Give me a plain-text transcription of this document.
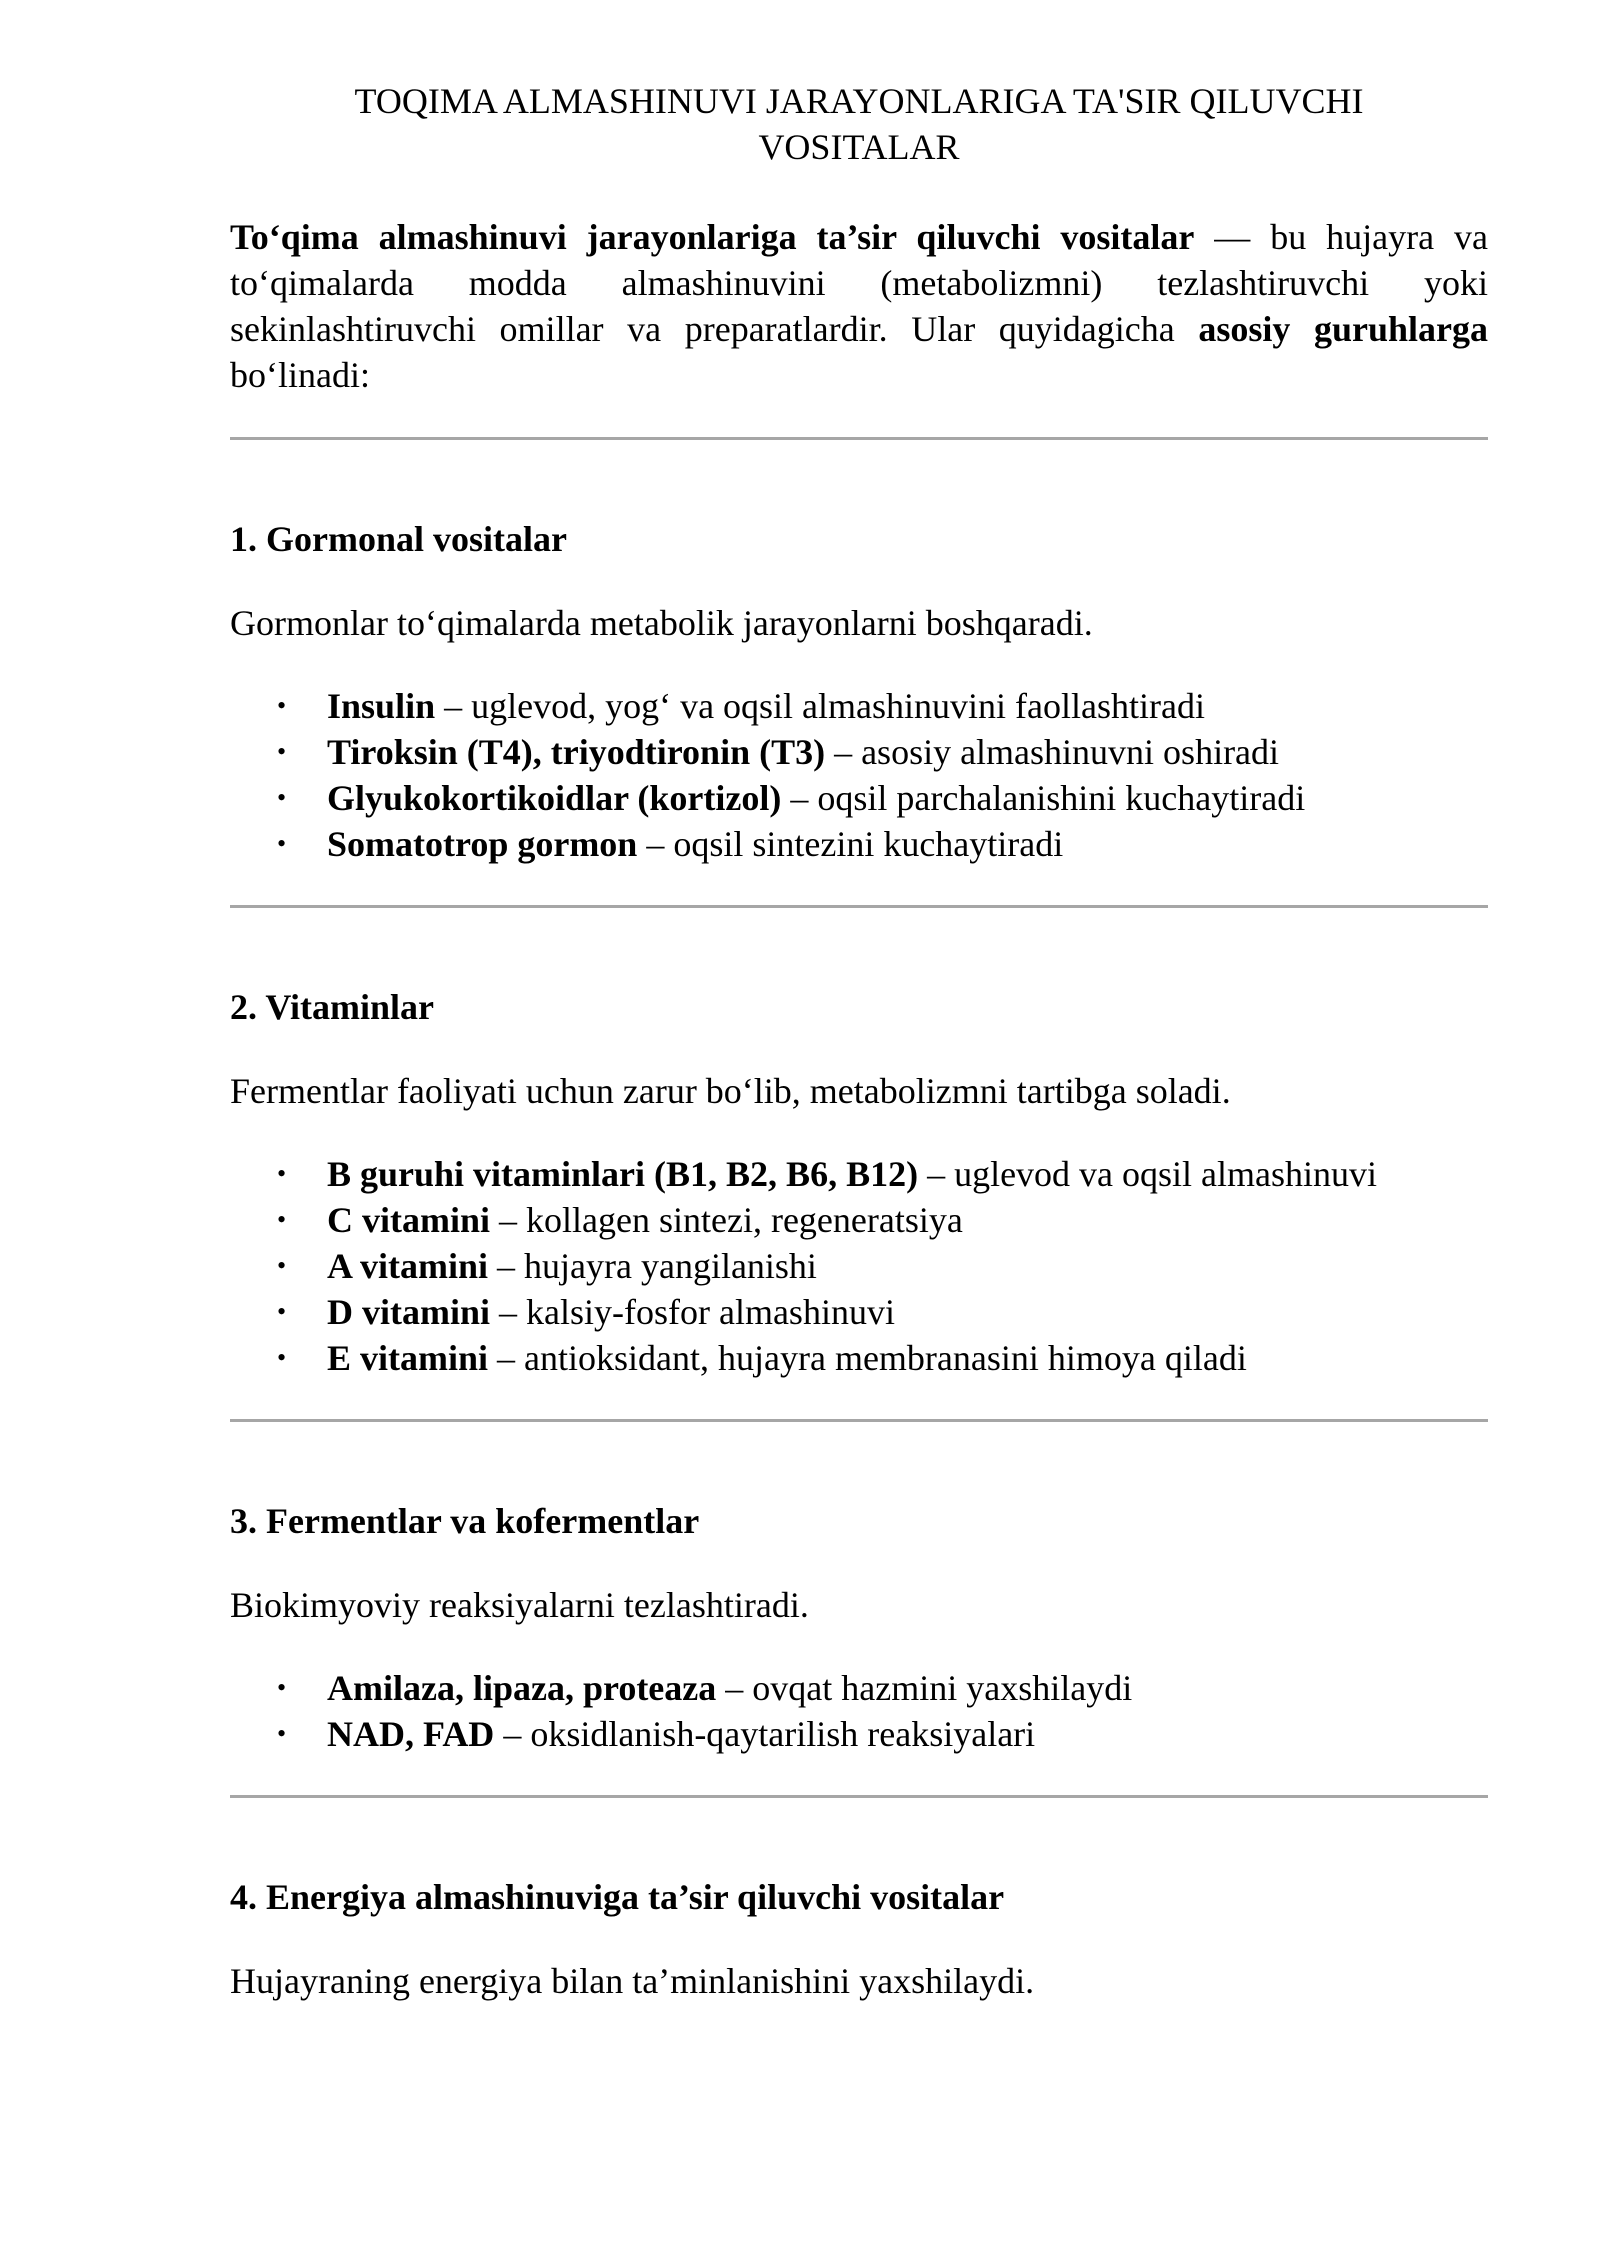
TOQIMA ALMASHINUVI JARAYONLARIGA TA'SIR QILUVCHI
VOSITALAR

To‘qima almashinuvi jarayonlariga ta’sir qiluvchi vositalar — bu hujayra va to‘qimalarda modda almashinuvini (metabolizmni) tezlashtiruvchi yoki sekinlashtiruvchi omillar va preparatlardir. Ular quyidagicha asosiy guruhlarga bo‘linadi:

1. Gormonal vositalar

Gormonlar to‘qimalarda metabolik jarayonlarni boshqaradi.

• Insulin – uglevod, yog‘ va oqsil almashinuvini faollashtiradi
• Tiroksin (T4), triyodtironin (T3) – asosiy almashinuvni oshiradi
• Glyukokortikoidlar (kortizol) – oqsil parchalanishini kuchaytiradi
• Somatotrop gormon – oqsil sintezini kuchaytiradi
2. Vitaminlar

Fermentlar faoliyati uchun zarur bo‘lib, metabolizmni tartibga soladi.

• B guruhi vitaminlari (B1, B2, B6, B12) – uglevod va oqsil almashinuvi
• C vitamini – kollagen sintezi, regeneratsiya
• A vitamini – hujayra yangilanishi
• D vitamini – kalsiy-fosfor almashinuvi
• E vitamini – antioksidant, hujayra membranasini himoya qiladi
3. Fermentlar va kofermentlar

Biokimyoviy reaksiyalarni tezlashtiradi.

• Amilaza, lipaza, proteaza – ovqat hazmini yaxshilaydi
• NAD, FAD – oksidlanish-qaytarilish reaksiyalari
4. Energiya almashinuviga ta’sir qiluvchi vositalar

Hujayraning energiya bilan ta’minlanishini yaxshilaydi.
